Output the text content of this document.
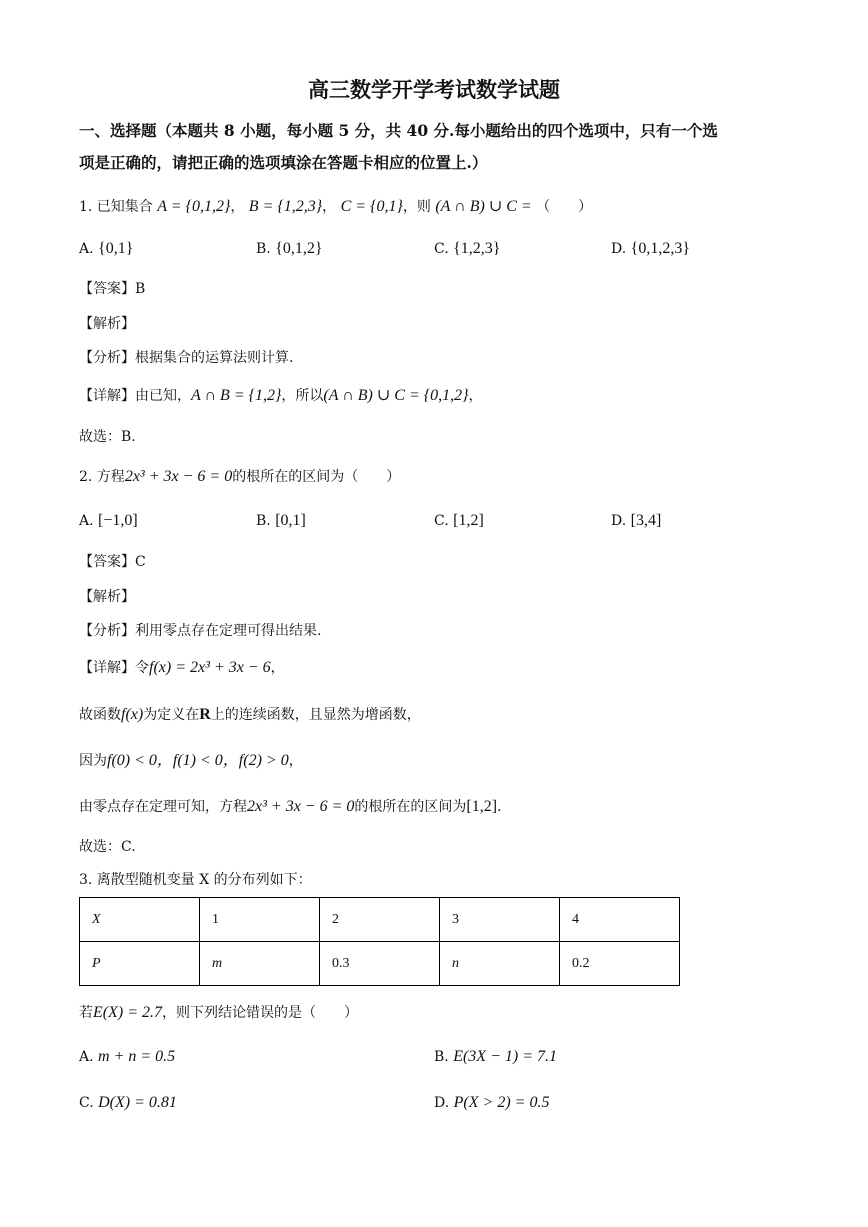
高三数学开学考试数学试题
一、选择题（本题共 8 小题，每小题 5 分，共 40 分.每小题给出的四个选项中，只有一个选
项是正确的，请把正确的选项填涂在答题卡相应的位置上.）
1. 已知集合 A = {0,1,2}， B = {1,2,3}， C = {0,1}，则 (A ∩ B) ∪ C = （　　）
A. {0,1}	B. {0,1,2}	C. {1,2,3}	D. {0,1,2,3}
【答案】B
【解析】
【分析】根据集合的运算法则计算.
【详解】由已知，A ∩ B = {1,2}，所以(A ∩ B) ∪ C = {0,1,2}，
故选：B.
2. 方程2x³ + 3x − 6 = 0的根所在的区间为（　　）
A. [−1,0]	B. [0,1]	C. [1,2]	D. [3,4]
【答案】C
【解析】
【分析】利用零点存在定理可得出结果.
【详解】令f(x) = 2x³ + 3x − 6，
故函数f(x)为定义在R上的连续函数，且显然为增函数，
因为f(0) < 0，f(1) < 0，f(2) > 0，
由零点存在定理可知，方程2x³ + 3x − 6 = 0的根所在的区间为[1,2].
故选：C.
3. 离散型随机变量 X 的分布列如下：
X	1	2	3	4
P	m	0.3	n	0.2
若E(X) = 2.7，则下列结论错误的是（　　）
A. m + n = 0.5	B. E(3X − 1) = 7.1
C. D(X) = 0.81	D. P(X > 2) = 0.5
